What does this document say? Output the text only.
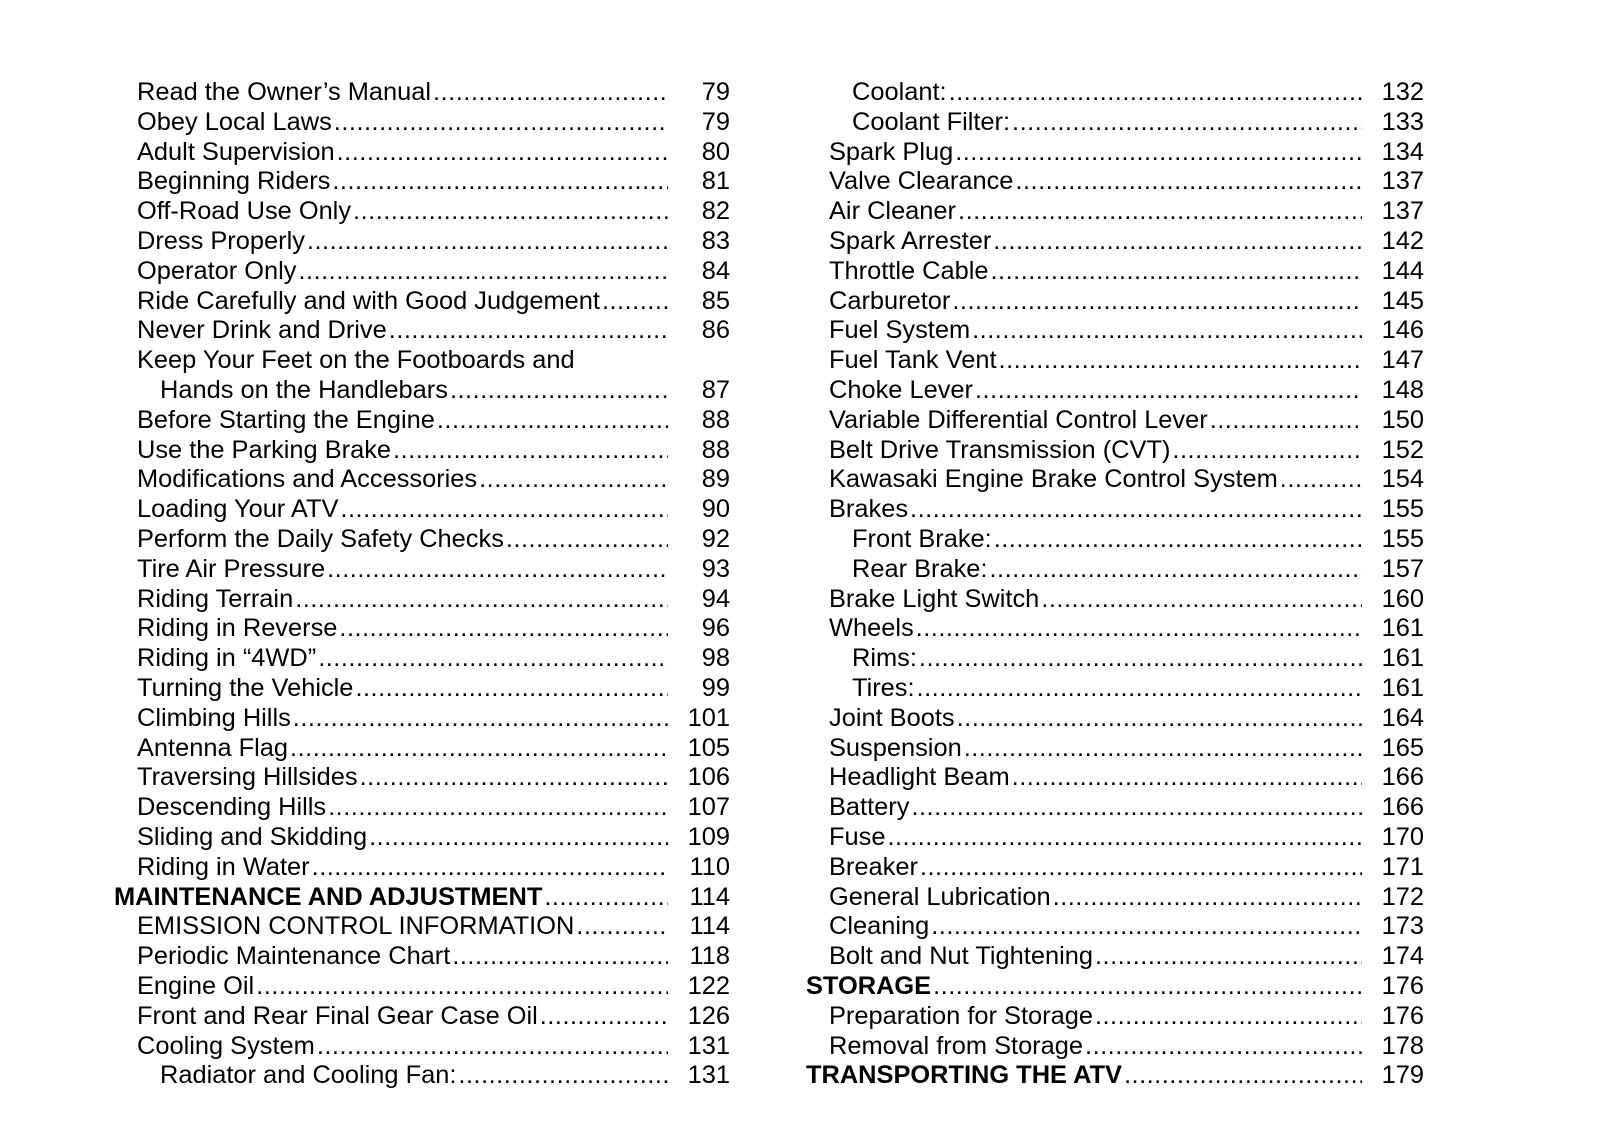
Read the Owner’s Manual .....	79
Obey Local Laws .....	79
Adult Supervision .....	80
Beginning Riders .....	81
Off-Road Use Only .....	82
Dress Properly .....	83
Operator Only .....	84
Ride Carefully and with Good Judgement .....	85
Never Drink and Drive .....	86
Keep Your Feet on the Footboards and
Hands on the Handlebars .....	87
Before Starting the Engine .....	88
Use the Parking Brake .....	88
Modifications and Accessories .....	89
Loading Your ATV .....	90
Perform the Daily Safety Checks .....	92
Tire Air Pressure .....	93
Riding Terrain .....	94
Riding in Reverse .....	96
Riding in “4WD” .....	98
Turning the Vehicle .....	99
Climbing Hills .....	101
Antenna Flag .....	105
Traversing Hillsides .....	106
Descending Hills .....	107
Sliding and Skidding .....	109
Riding in Water .....	110
MAINTENANCE AND ADJUSTMENT .....	114
EMISSION CONTROL INFORMATION .....	114
Periodic Maintenance Chart .....	118
Engine Oil .....	122
Front and Rear Final Gear Case Oil .....	126
Cooling System .....	131
Radiator and Cooling Fan: .....	131
Coolant: .....	132
Coolant Filter: .....	133
Spark Plug .....	134
Valve Clearance .....	137
Air Cleaner .....	137
Spark Arrester .....	142
Throttle Cable .....	144
Carburetor .....	145
Fuel System .....	146
Fuel Tank Vent .....	147
Choke Lever .....	148
Variable Differential Control Lever .....	150
Belt Drive Transmission (CVT) .....	152
Kawasaki Engine Brake Control System .....	154
Brakes .....	155
Front Brake: .....	155
Rear Brake: .....	157
Brake Light Switch .....	160
Wheels .....	161
Rims: .....	161
Tires: .....	161
Joint Boots .....	164
Suspension .....	165
Headlight Beam .....	166
Battery .....	166
Fuse .....	170
Breaker .....	171
General Lubrication .....	172
Cleaning .....	173
Bolt and Nut Tightening .....	174
STORAGE .....	176
Preparation for Storage .....	176
Removal from Storage .....	178
TRANSPORTING THE ATV .....	179
